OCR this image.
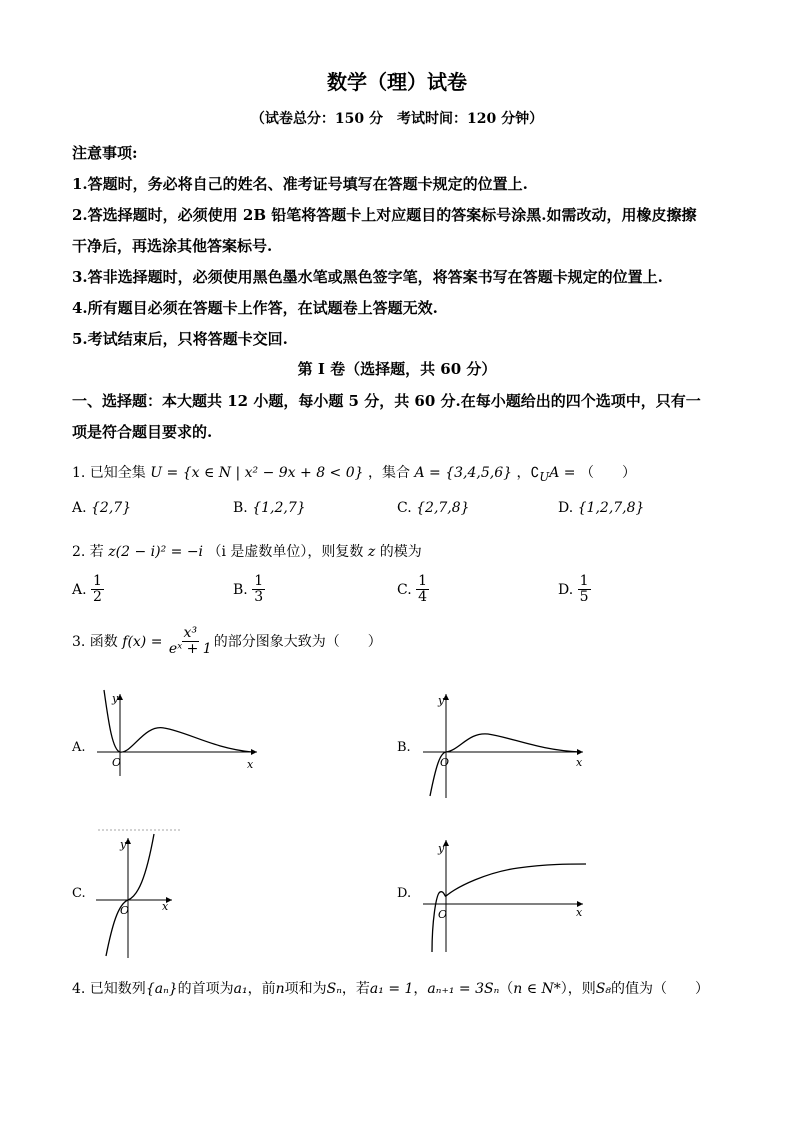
数学（理）试卷
（试卷总分：150 分　考试时间：120 分钟）
注意事项:
1.答题时，务必将自己的姓名、准考证号填写在答题卡规定的位置上.
2.答选择题时，必须使用 2B 铅笔将答题卡上对应题目的答案标号涂黑.如需改动，用橡皮擦擦
干净后，再选涂其他答案标号.
3.答非选择题时，必须使用黑色墨水笔或黑色签字笔，将答案书写在答题卡规定的位置上.
4.所有题目必须在答题卡上作答，在试题卷上答题无效.
5.考试结束后，只将答题卡交回.
第 I 卷（选择题，共 60 分）
一、选择题：本大题共 12 小题，每小题 5 分，共 60 分.在每小题给出的四个选项中，只有一
项是符合题目要求的.
1. 已知全集 U = {x ∈ N | x² − 9x + 8 < 0} ，集合 A = {3,4,5,6} ，$∁_UA$ = （　　）
A. {2,7}	B. {1,2,7}	C. {2,7,8}	D. {1,2,7,8}
2. 若 z(2 − i)² = −i （i 是虚数单位），则复数 z 的模为
A. $\frac{1}{2}$	B. $\frac{1}{3}$	C. $\frac{1}{4}$	D. $\frac{1}{5}$
3. 函数 $f(x) = \frac{\text{x³}}{\text{eˣ + 1}}$ 的部分图象大致为（　　）
A.	B.
C.	D.
y
x
O
y
x
O
y
x
O
y
x
O
4. 已知数列{aₙ}的首项为a₁，前n项和为Sₙ，若a₁ = 1，aₙ₊₁ = 3Sₙ（n ∈ N*），则S₈的值为（　　）
